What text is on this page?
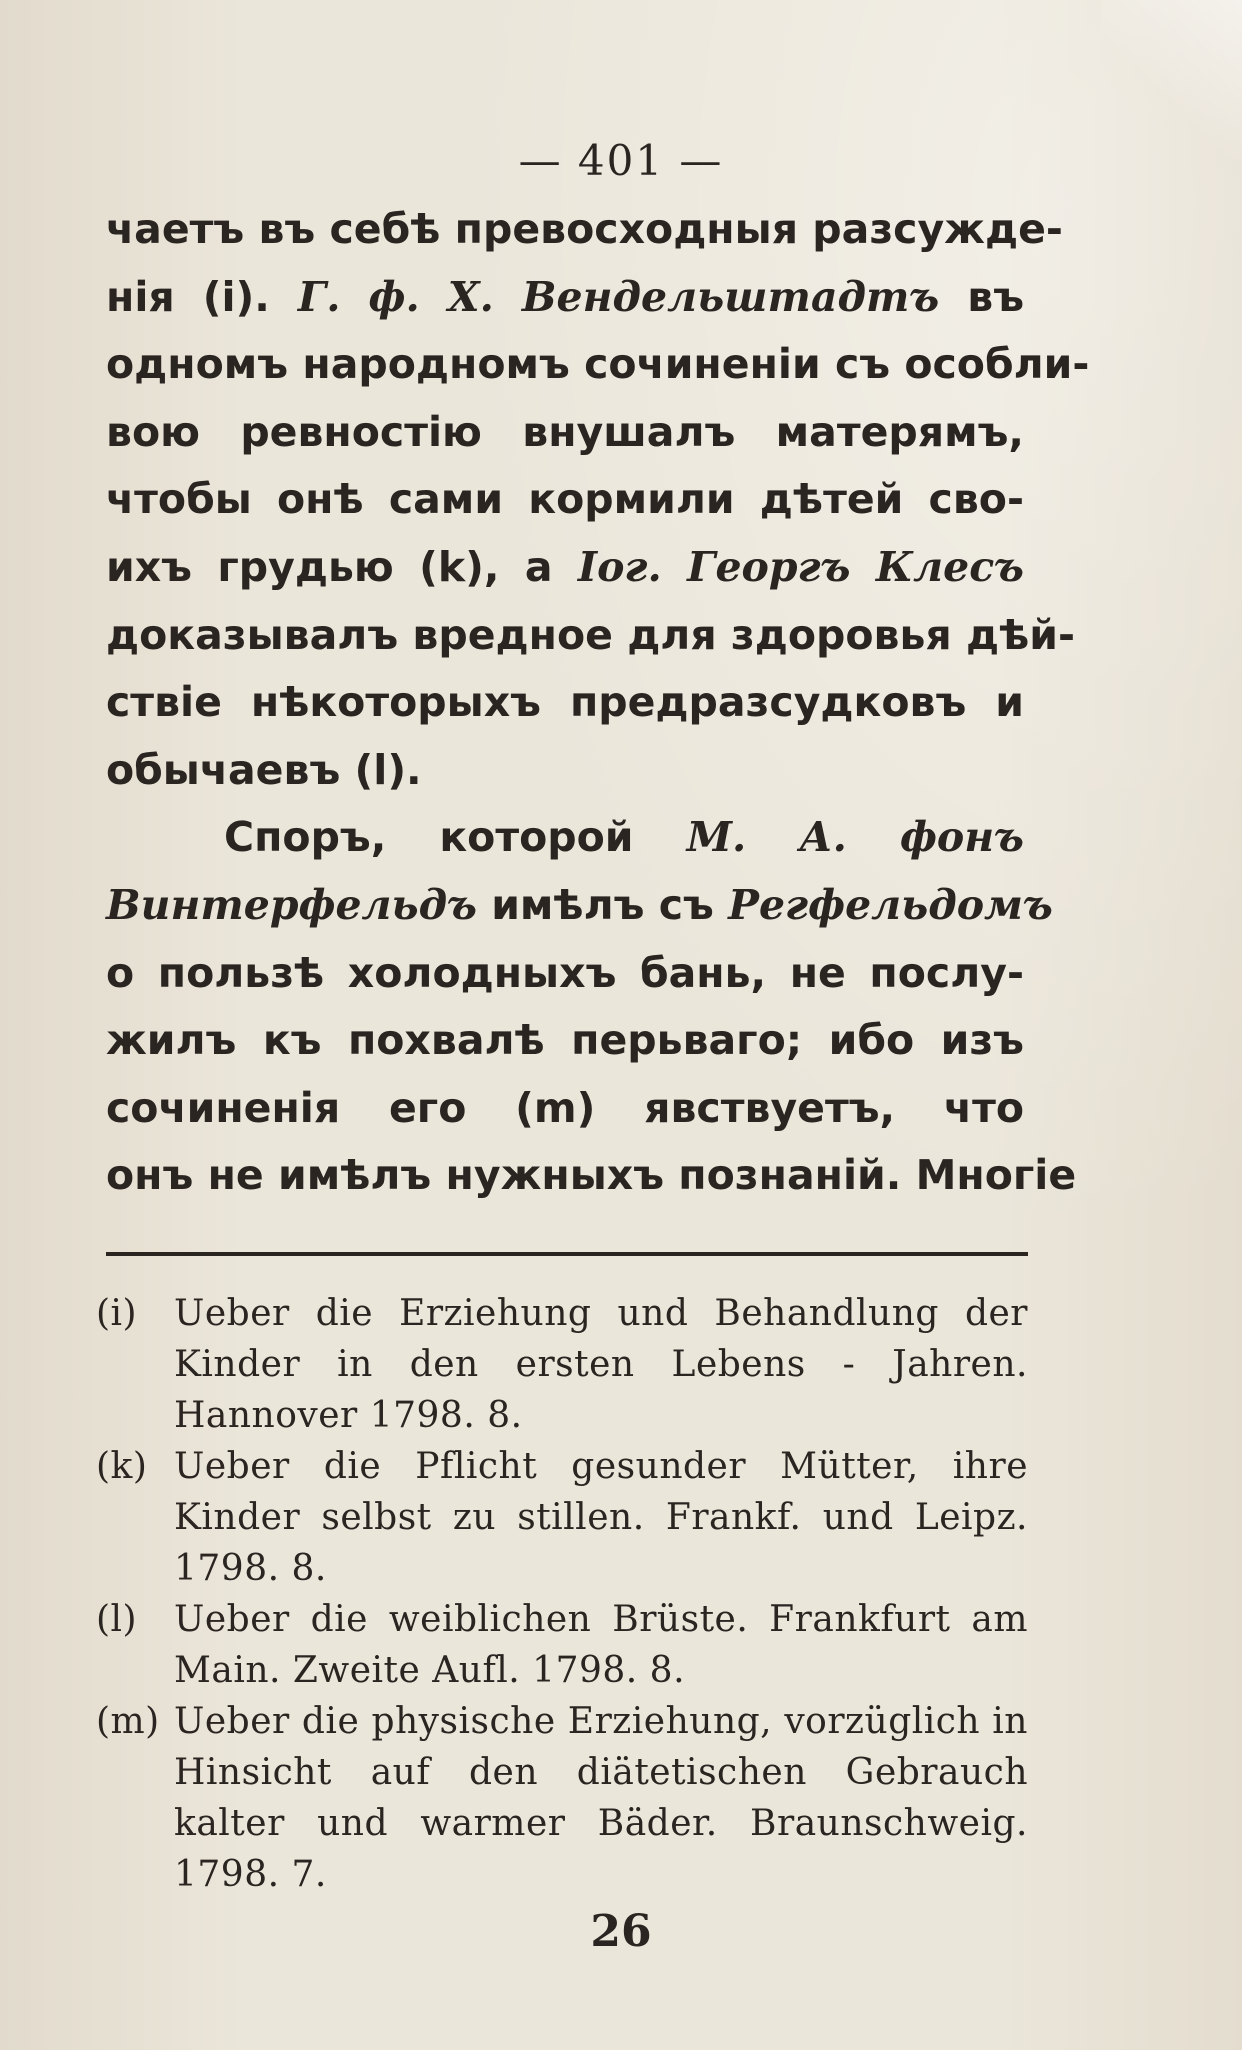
— 401 —
чаетъ въ себѣ превосходныя разсужде-
нія (i). Г. ф. Х. Вендельштадтъ въ
одномъ народномъ сочиненіи съ особли-
вою ревностію внушалъ матерямъ,
чтобы онѣ сами кормили дѣтей сво-
ихъ грудью (k), а Іог. Георгъ Клесъ
доказывалъ вредное для здоровья дѣй-
ствіе нѣкоторыхъ предразсудковъ и
обычаевъ (l).
Споръ, которой М. А. фонъ
Винтерфельдъ имѣлъ съ Регфельдомъ
о пользѣ холодныхъ бань, не послу-
жилъ къ похвалѣ перьваго; ибо изъ
сочиненія его (m) явствуетъ, что
онъ не имѣлъ нужныхъ познаній. Многіе
(i)	Ueber die Erziehung und Behandlung der Kinder in den ersten Lebens - Jahren. Hannover 1798. 8.
(k) Ueber die Pflicht gesunder Mütter, ihre Kinder selbst zu stillen. Frankf. und Leipz. 1798. 8.
(l)	Ueber die weiblichen Brüste. Frankfurt am Main. Zweite Aufl. 1798. 8.
(m) Ueber die physische Erziehung, vorzüglich in Hinsicht auf den diätetischen Gebrauch kalter und warmer Bäder. Braunschweig. 1798. 7.
26
